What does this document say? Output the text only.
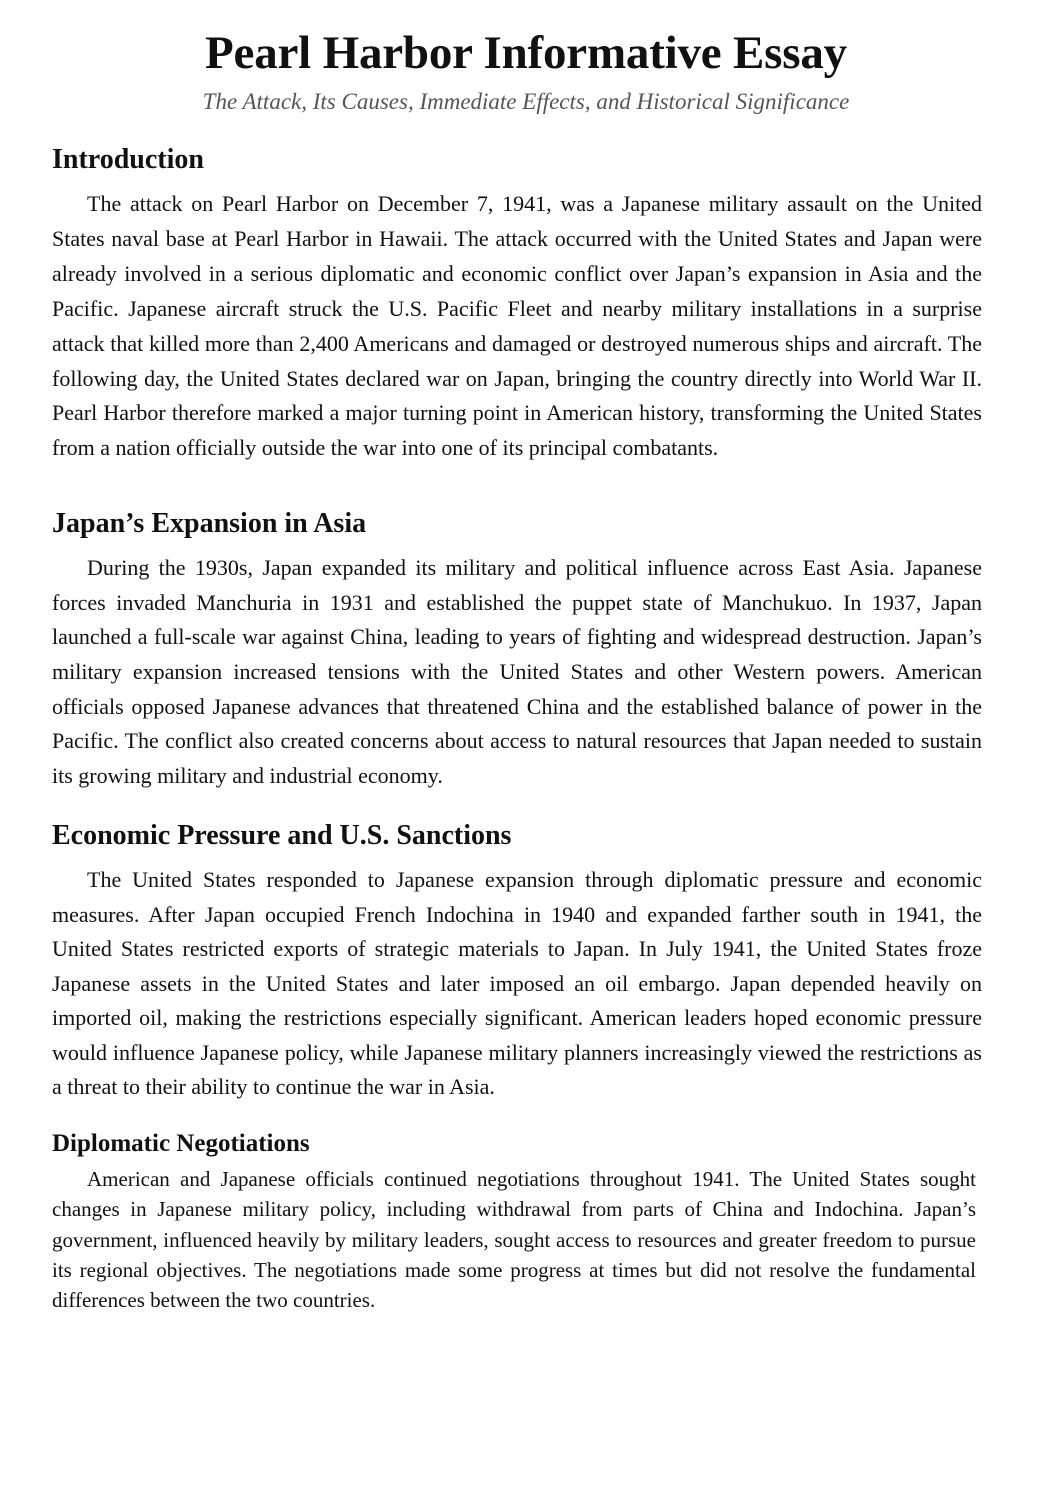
Pearl Harbor Informative Essay
The Attack, Its Causes, Immediate Effects, and Historical Significance
Introduction

The attack on Pearl Harbor on December 7, 1941, was a Japanese military assault on the United States naval base at Pearl Harbor in Hawaii. The attack occurred with the United States and Japan were already involved in a serious diplomatic and economic conflict over Japan’s expansion in Asia and the Pacific. Japanese aircraft struck the U.S. Pacific Fleet and nearby military installations in a surprise attack that killed more than 2,400 Americans and damaged or destroyed numerous ships and aircraft. The following day, the United States declared war on Japan, bringing the country directly into World War II. Pearl Harbor therefore marked a major turning point in American history, transforming the United States from a nation officially outside the war into one of its principal combatants.

Japan’s Expansion in Asia

During the 1930s, Japan expanded its military and political influence across East Asia. Japanese forces invaded Manchuria in 1931 and established the puppet state of Manchukuo. In 1937, Japan launched a full-scale war against China, leading to years of fighting and widespread destruction. Japan’s military expansion increased tensions with the United States and other Western powers. American officials opposed Japanese advances that threatened China and the established balance of power in the Pacific. The conflict also created concerns about access to natural resources that Japan needed to sustain its growing military and industrial economy.

Economic Pressure and U.S. Sanctions

The United States responded to Japanese expansion through diplomatic pressure and economic measures. After Japan occupied French Indochina in 1940 and expanded farther south in 1941, the United States restricted exports of strategic materials to Japan. In July 1941, the United States froze Japanese assets in the United States and later imposed an oil embargo. Japan depended heavily on imported oil, making the restrictions especially significant. American leaders hoped economic pressure would influence Japanese policy, while Japanese military planners increasingly viewed the restrictions as a threat to their ability to continue the war in Asia.

Diplomatic Negotiations

American and Japanese officials continued negotiations throughout 1941. The United States sought changes in Japanese military policy, including withdrawal from parts of China and Indochina. Japan’s government, influenced heavily by military leaders, sought access to resources and greater freedom to pursue its regional objectives. The negotiations made some progress at times but did not resolve the fundamental differences between the two countries.
